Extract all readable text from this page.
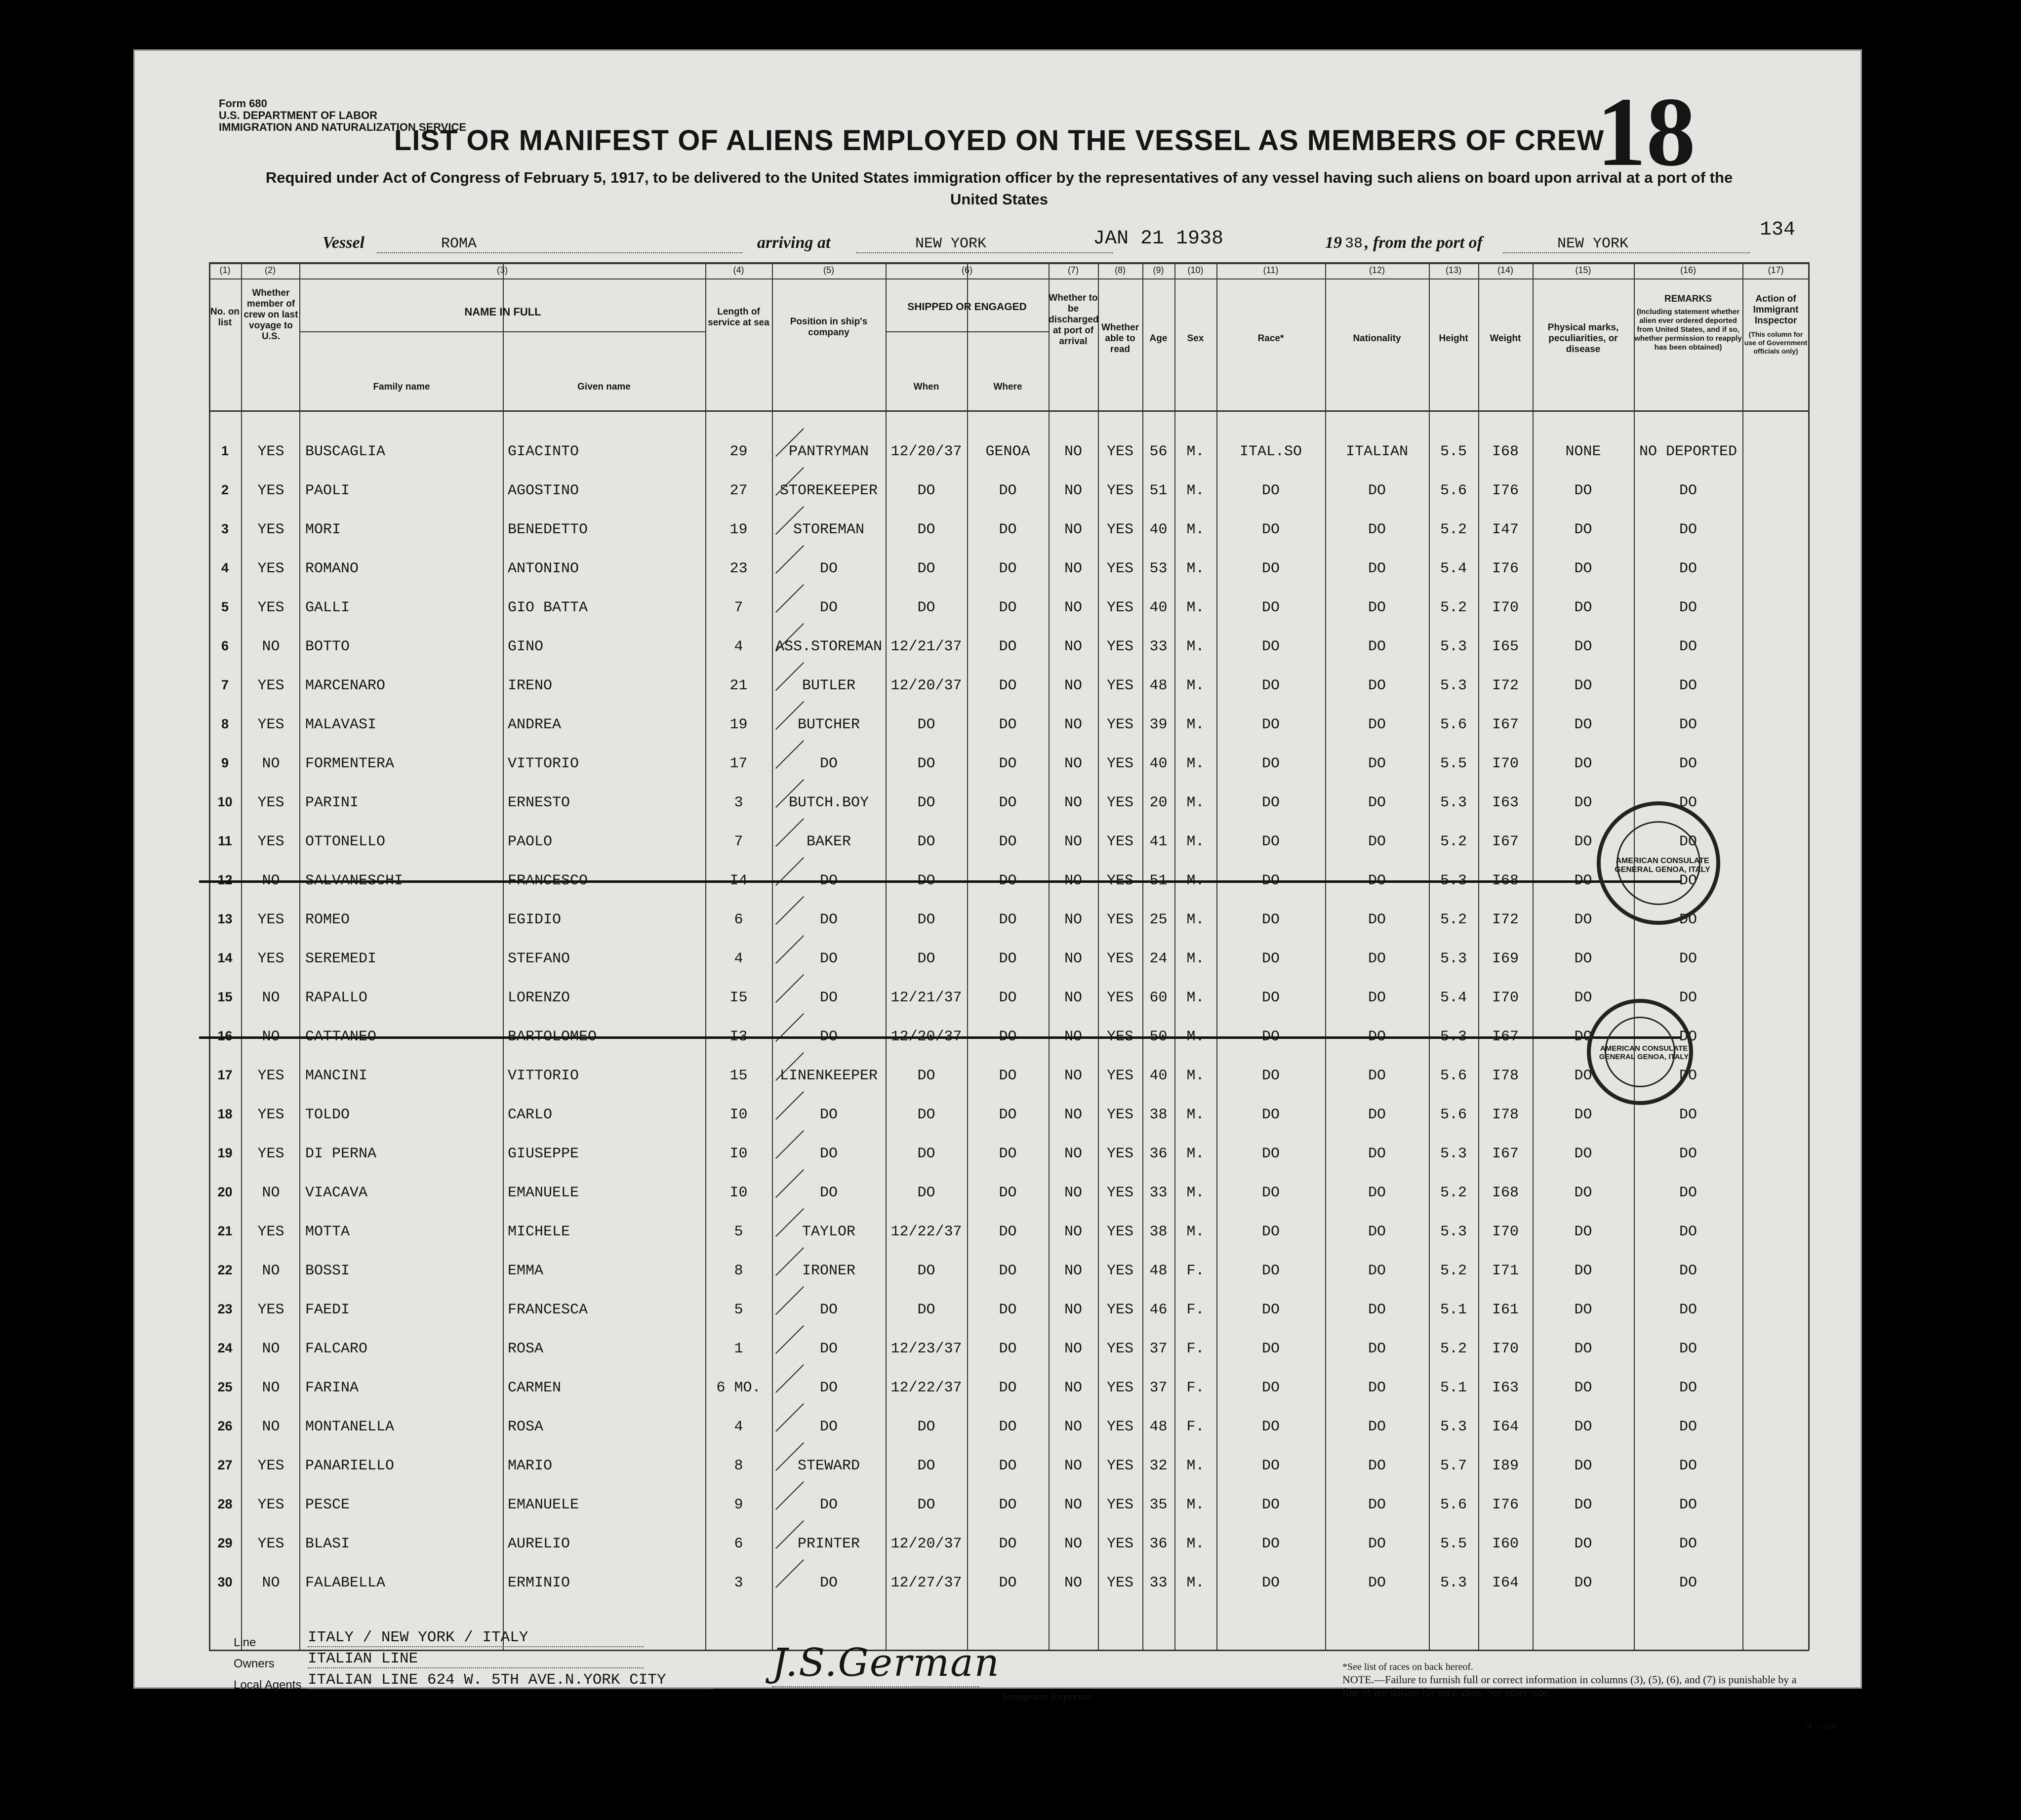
Form 680
U.S. DEPARTMENT OF LABOR
IMMIGRATION AND NATURALIZATION SERVICE	18
LIST OR MANIFEST OF ALIENS EMPLOYED ON THE VESSEL AS MEMBERS OF CREW
Required under Act of Congress of February 5, 1917, to be delivered to the United States immigration officer by the representatives of any vessel having such aliens on board upon arrival at a port of the United States
134
Vessel	ROMA	arriving at	NEW YORK	JAN 21 1938	19 38 , from the port of	NEW YORK
(1)	(2)	(3)	(4)	(5)	(6)	(7)	(8)	(9)	(10)	(11)	(12)	(13)	(14)	(15)	(16)	(17)
No. on list
Whether member of crew on last voyage to U.S.
NAME IN FULL
Family name	Given name
Length of service at sea	Position in ship's company
SHIPPED OR ENGAGED
When	Where
Whether to be discharged at port of arrival
Whether able to read
Age	Sex	Race*	Nationality	Height	Weight
Physical marks, peculiarities, or disease
REMARKS
(Including statement whether alien ever ordered deported from United States, and if so, whether permission to reapply has been obtained)
Action of Immigrant Inspector
(This column for use of Government officials only)
1	YES	BUSCAGLIA	GIACINTO	29	PANTRYMAN	12/20/37	GENOA	NO	YES	56	M.	ITAL.SO	ITALIAN	5.5	I68	NONE	NO DEPORTED
2	YES	PAOLI	AGOSTINO	27	STOREKEEPER	DO	DO	NO	YES	51	M.	DO	DO	5.6	I76	DO	DO
3	YES	MORI	BENEDETTO	19	STOREMAN	DO	DO	NO	YES	40	M.	DO	DO	5.2	I47	DO	DO
4	YES	ROMANO	ANTONINO	23	DO	DO	DO	NO	YES	53	M.	DO	DO	5.4	I76	DO	DO
5	YES	GALLI	GIO BATTA	7	DO	DO	DO	NO	YES	40	M.	DO	DO	5.2	I70	DO	DO
6	NO	BOTTO	GINO	4	ASS.STOREMAN 12/21/37	DO	NO	YES	33	M.	DO	DO	5.3	I65	DO	DO
7	YES	MARCENARO	IRENO	21	BUTLER	12/20/37	DO	NO	YES	48	M.	DO	DO	5.3	I72	DO	DO
8	YES	MALAVASI	ANDREA	19	BUTCHER	DO	DO	NO	YES	39	M.	DO	DO	5.6	I67	DO	DO
9	NO	FORMENTERA	VITTORIO	17	DO	DO	DO	NO	YES	40	M.	DO	DO	5.5	I70	DO	DO
10	YES	PARINI	ERNESTO	3	BUTCH.BOY	DO	DO	NO	YES	20	M.	DO	DO	5.3	I63	DO	DO
11	YES	OTTONELLO	PAOLO	7	BAKER	DO	DO	NO	YES	41	M.	DO	DO	5.2	I67	DO	DO
12	NO	SALVANESCHI	FRANCESCO	I4	DO	DO	DO	NO	YES	51	M.	DO	DO	5.3	I68	DO	DO
13	YES	ROMEO	EGIDIO	6	DO	DO	DO	NO	YES	25	M.	DO	DO	5.2	I72	DO	DO
14	YES	SEREMEDI	STEFANO	4	DO	DO	DO	NO	YES	24	M.	DO	DO	5.3	I69	DO	DO
15	NO	RAPALLO	LORENZO	I5	DO	12/21/37	DO	NO	YES	60	M.	DO	DO	5.4	I70	DO	DO
16	NO	CATTANEO	BARTOLOMEO	I3	DO	12/20/37	DO	NO	YES	50	M.	DO	DO	5.3	I67	DO	DO
17	YES	MANCINI	VITTORIO	15	LINENKEEPER	DO	DO	NO	YES	40	M.	DO	DO	5.6	I78	DO	DO
18	YES	TOLDO	CARLO	I0	DO	DO	DO	NO	YES	38	M.	DO	DO	5.6	I78	DO	DO
19	YES	DI PERNA	GIUSEPPE	I0	DO	DO	DO	NO	YES	36	M.	DO	DO	5.3	I67	DO	DO
20	NO	VIACAVA	EMANUELE	I0	DO	DO	DO	NO	YES	33	M.	DO	DO	5.2	I68	DO	DO
21	YES	MOTTA	MICHELE	5	TAYLOR	12/22/37	DO	NO	YES	38	M.	DO	DO	5.3	I70	DO	DO
22	NO	BOSSI	EMMA	8	IRONER	DO	DO	NO	YES	48	F.	DO	DO	5.2	I71	DO	DO
23	YES	FAEDI	FRANCESCA	5	DO	DO	DO	NO	YES	46	F.	DO	DO	5.1	I61	DO	DO
24	NO	FALCARO	ROSA	1	DO	12/23/37	DO	NO	YES	37	F.	DO	DO	5.2	I70	DO	DO
25	NO	FARINA	CARMEN	6 MO.	DO	12/22/37	DO	NO	YES	37	F.	DO	DO	5.1	I63	DO	DO
26	NO	MONTANELLA	ROSA	4	DO	DO	DO	NO	YES	48	F.	DO	DO	5.3	I64	DO	DO
27	YES	PANARIELLO	MARIO	8	STEWARD	DO	DO	NO	YES	32	M.	DO	DO	5.7	I89	DO	DO
28	YES	PESCE	EMANUELE	9	DO	DO	DO	NO	YES	35	M.	DO	DO	5.6	I76	DO	DO
29	YES	BLASI	AURELIO	6	PRINTER	12/20/37	DO	NO	YES	36	M.	DO	DO	5.5	I60	DO	DO
30	NO	FALABELLA	ERMINIO	3	DO	12/27/37	DO	NO	YES	33	M.	DO	DO	5.3	I64	DO	DO
AMERICAN CONSULATE GENERAL GENOA, ITALY
AMERICAN CONSULATE GENERAL GENOA, ITALY
Line	ITALY / NEW YORK / ITALY
Owners ITALIAN LINE
Local Agents ITALIAN LINE 624 W. 5TH AVE.N.YORK CITY	J.S.German
Immigrant Inspector.
*See list of races on back hereof.
NOTE.—Failure to furnish full or correct information in columns (3), (5), (6), and (7) is punishable by a fine of ten dollars for each alien. See other side.
14—1260
